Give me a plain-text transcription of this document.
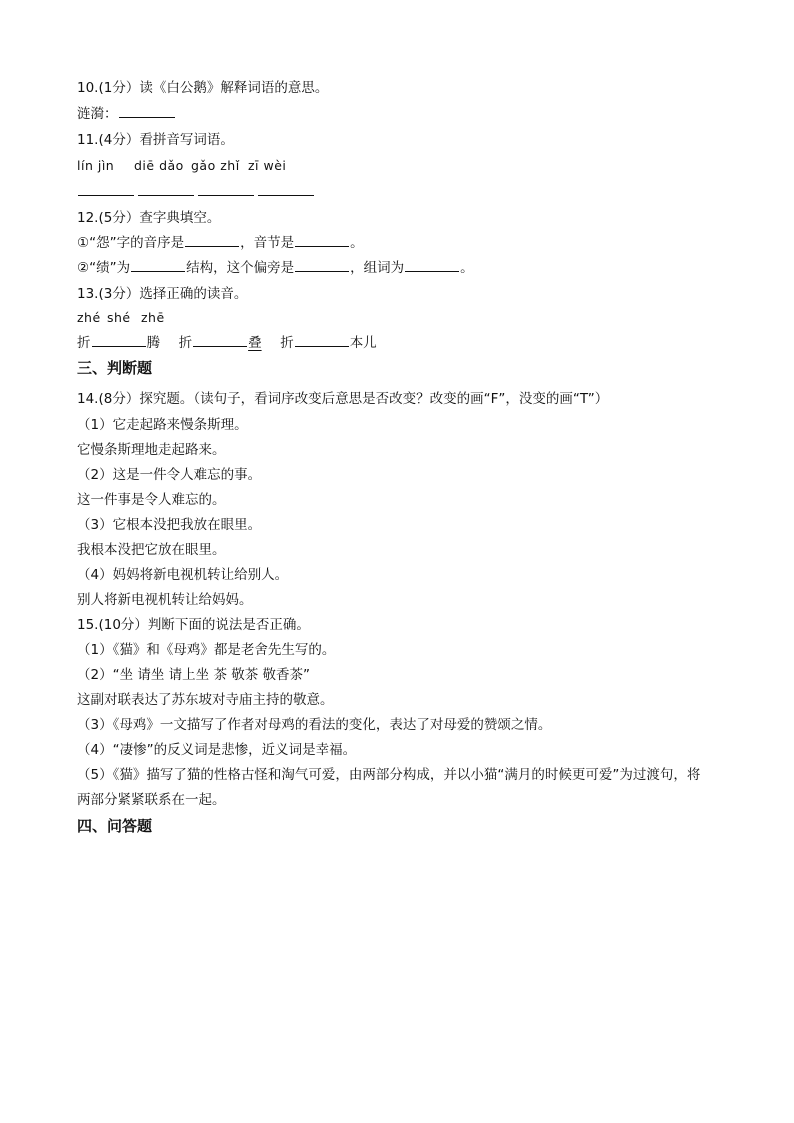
10.(1分）读《白公鹅》解释词语的意思。
涟漪：
11.(4分）看拼音写词语。
lín jìn diē dǎo gǎo zhǐ zī wèi
12.(5分）查字典填空。
①“怨”字的音序是	，音节是	。
②“绩”为	结构，这个偏旁是	，组词为	。
13.(3分）选择正确的读音。
zhé shé zhē
折	腾 折	叠 折	本儿
三、判断题
14.(8分）探究题。（读句子，看词序改变后意思是否改变？改变的画“F”，没变的画“T”）
（1）它走起路来慢条斯理。
它慢条斯理地走起路来。
（2）这是一件令人难忘的事。
这一件事是令人难忘的。
（3）它根本没把我放在眼里。
我根本没把它放在眼里。
（4）妈妈将新电视机转让给别人。
别人将新电视机转让给妈妈。
15.(10分）判断下面的说法是否正确。
（1）《猫》和《母鸡》都是老舍先生写的。
（2）“坐 请坐 请上坐 茶 敬茶 敬香茶”
这副对联表达了苏东坡对寺庙主持的敬意。
（3）《母鸡》一文描写了作者对母鸡的看法的变化，表达了对母爱的赞颂之情。
（4）“凄惨”的反义词是悲惨，近义词是幸福。
（5）《猫》描写了猫的性格古怪和淘气可爱，由两部分构成，并以小猫“满月的时候更可爱”为过渡句，将
两部分紧紧联系在一起。
四、问答题
